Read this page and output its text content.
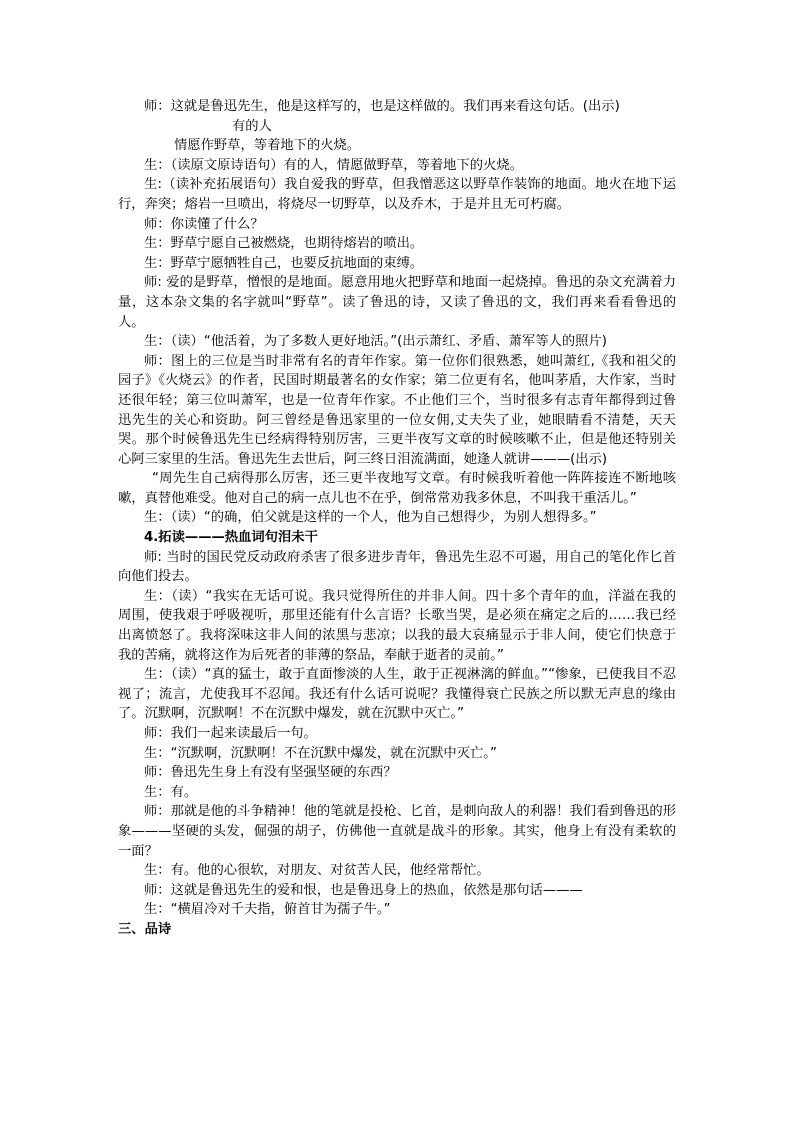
师：这就是鲁迅先生，他是这样写的，也是这样做的。我们再来看这句话。(出示)

有的人

情愿作野草，等着地下的火烧。

生：（读原文原诗语句）有的人，情愿做野草，等着地下的火烧。

生:（读补充拓展语句）我自爱我的野草，但我憎恶这以野草作装饰的地面。地火在地下运行，奔突；熔岩一旦喷出，将烧尽一切野草，以及乔木，于是并且无可朽腐。

师：你读懂了什么？

生：野草宁愿自己被燃烧，也期待熔岩的喷出。

生：野草宁愿牺牲自己，也要反抗地面的束缚。

师: 爱的是野草，憎恨的是地面。愿意用地火把野草和地面一起烧掉。鲁迅的杂文充满着力量，这本杂文集的名字就叫“野草”。读了鲁迅的诗，又读了鲁迅的文，我们再来看看鲁迅的人。

生：（读）“他活着，为了多数人更好地活。”(出示萧红、矛盾、萧军等人的照片)

师：图上的三位是当时非常有名的青年作家。第一位你们很熟悉，她叫萧红,《我和祖父的园子》《火烧云》的作者，民国时期最著名的女作家；第二位更有名，他叫茅盾，大作家，当时还很年轻；第三位叫萧军，也是一位青年作家。不止他们三个，当时很多有志青年都得到过鲁迅先生的关心和资助。阿三曾经是鲁迅家里的一位女佣,丈夫失了业，她眼睛看不清楚，天天哭。那个时候鲁迅先生已经病得特别厉害，三更半夜写文章的时候咳嗽不止，但是他还特别关心阿三家里的生活。鲁迅先生去世后，阿三终日泪流满面，她逢人就讲———(出示)

“周先生自己病得那么厉害，还三更半夜地写文章。有时候我听着他一阵阵接连不断地咳嗽，真替他难受。他对自己的病一点儿也不在乎，倒常常劝我多休息，不叫我干重活儿。”

生：（读）“的确，伯父就是这样的一个人，他为自己想得少，为别人想得多。”

4.拓读———热血词句泪未干

师: 当时的国民党反动政府杀害了很多进步青年，鲁迅先生忍不可遏，用自己的笔化作匕首向他们投去。

生：（读）“我实在无话可说。我只觉得所住的并非人间。四十多个青年的血，洋溢在我的周围，使我艰于呼吸视听，那里还能有什么言语？长歌当哭，是必须在痛定之后的……我已经出离愤怒了。我将深味这非人间的浓黑与悲凉；以我的最大哀痛显示于非人间，使它们快意于我的苦痛，就将这作为后死者的菲薄的祭品，奉献于逝者的灵前。”

生：（读）“真的猛士，敢于直面惨淡的人生，敢于正视淋漓的鲜血。”“惨象，已使我目不忍视了；流言，尤使我耳不忍闻。我还有什么话可说呢？我懂得衰亡民族之所以默无声息的缘由了。沉默啊，沉默啊！不在沉默中爆发，就在沉默中灭亡。”

师：我们一起来读最后一句。

生：“沉默啊，沉默啊！不在沉默中爆发，就在沉默中灭亡。”

师：鲁迅先生身上有没有坚强坚硬的东西？

生：有。

师：那就是他的斗争精神！他的笔就是投枪、匕首，是刺向敌人的利器！我们看到鲁迅的形象———坚硬的头发，倔强的胡子，仿佛他一直就是战斗的形象。其实，他身上有没有柔软的一面？

生：有。他的心很软，对朋友、对贫苦人民，他经常帮忙。

师：这就是鲁迅先生的爱和恨，也是鲁迅身上的热血，依然是那句话———

生：“横眉冷对千夫指，俯首甘为孺子牛。”

三、品诗
